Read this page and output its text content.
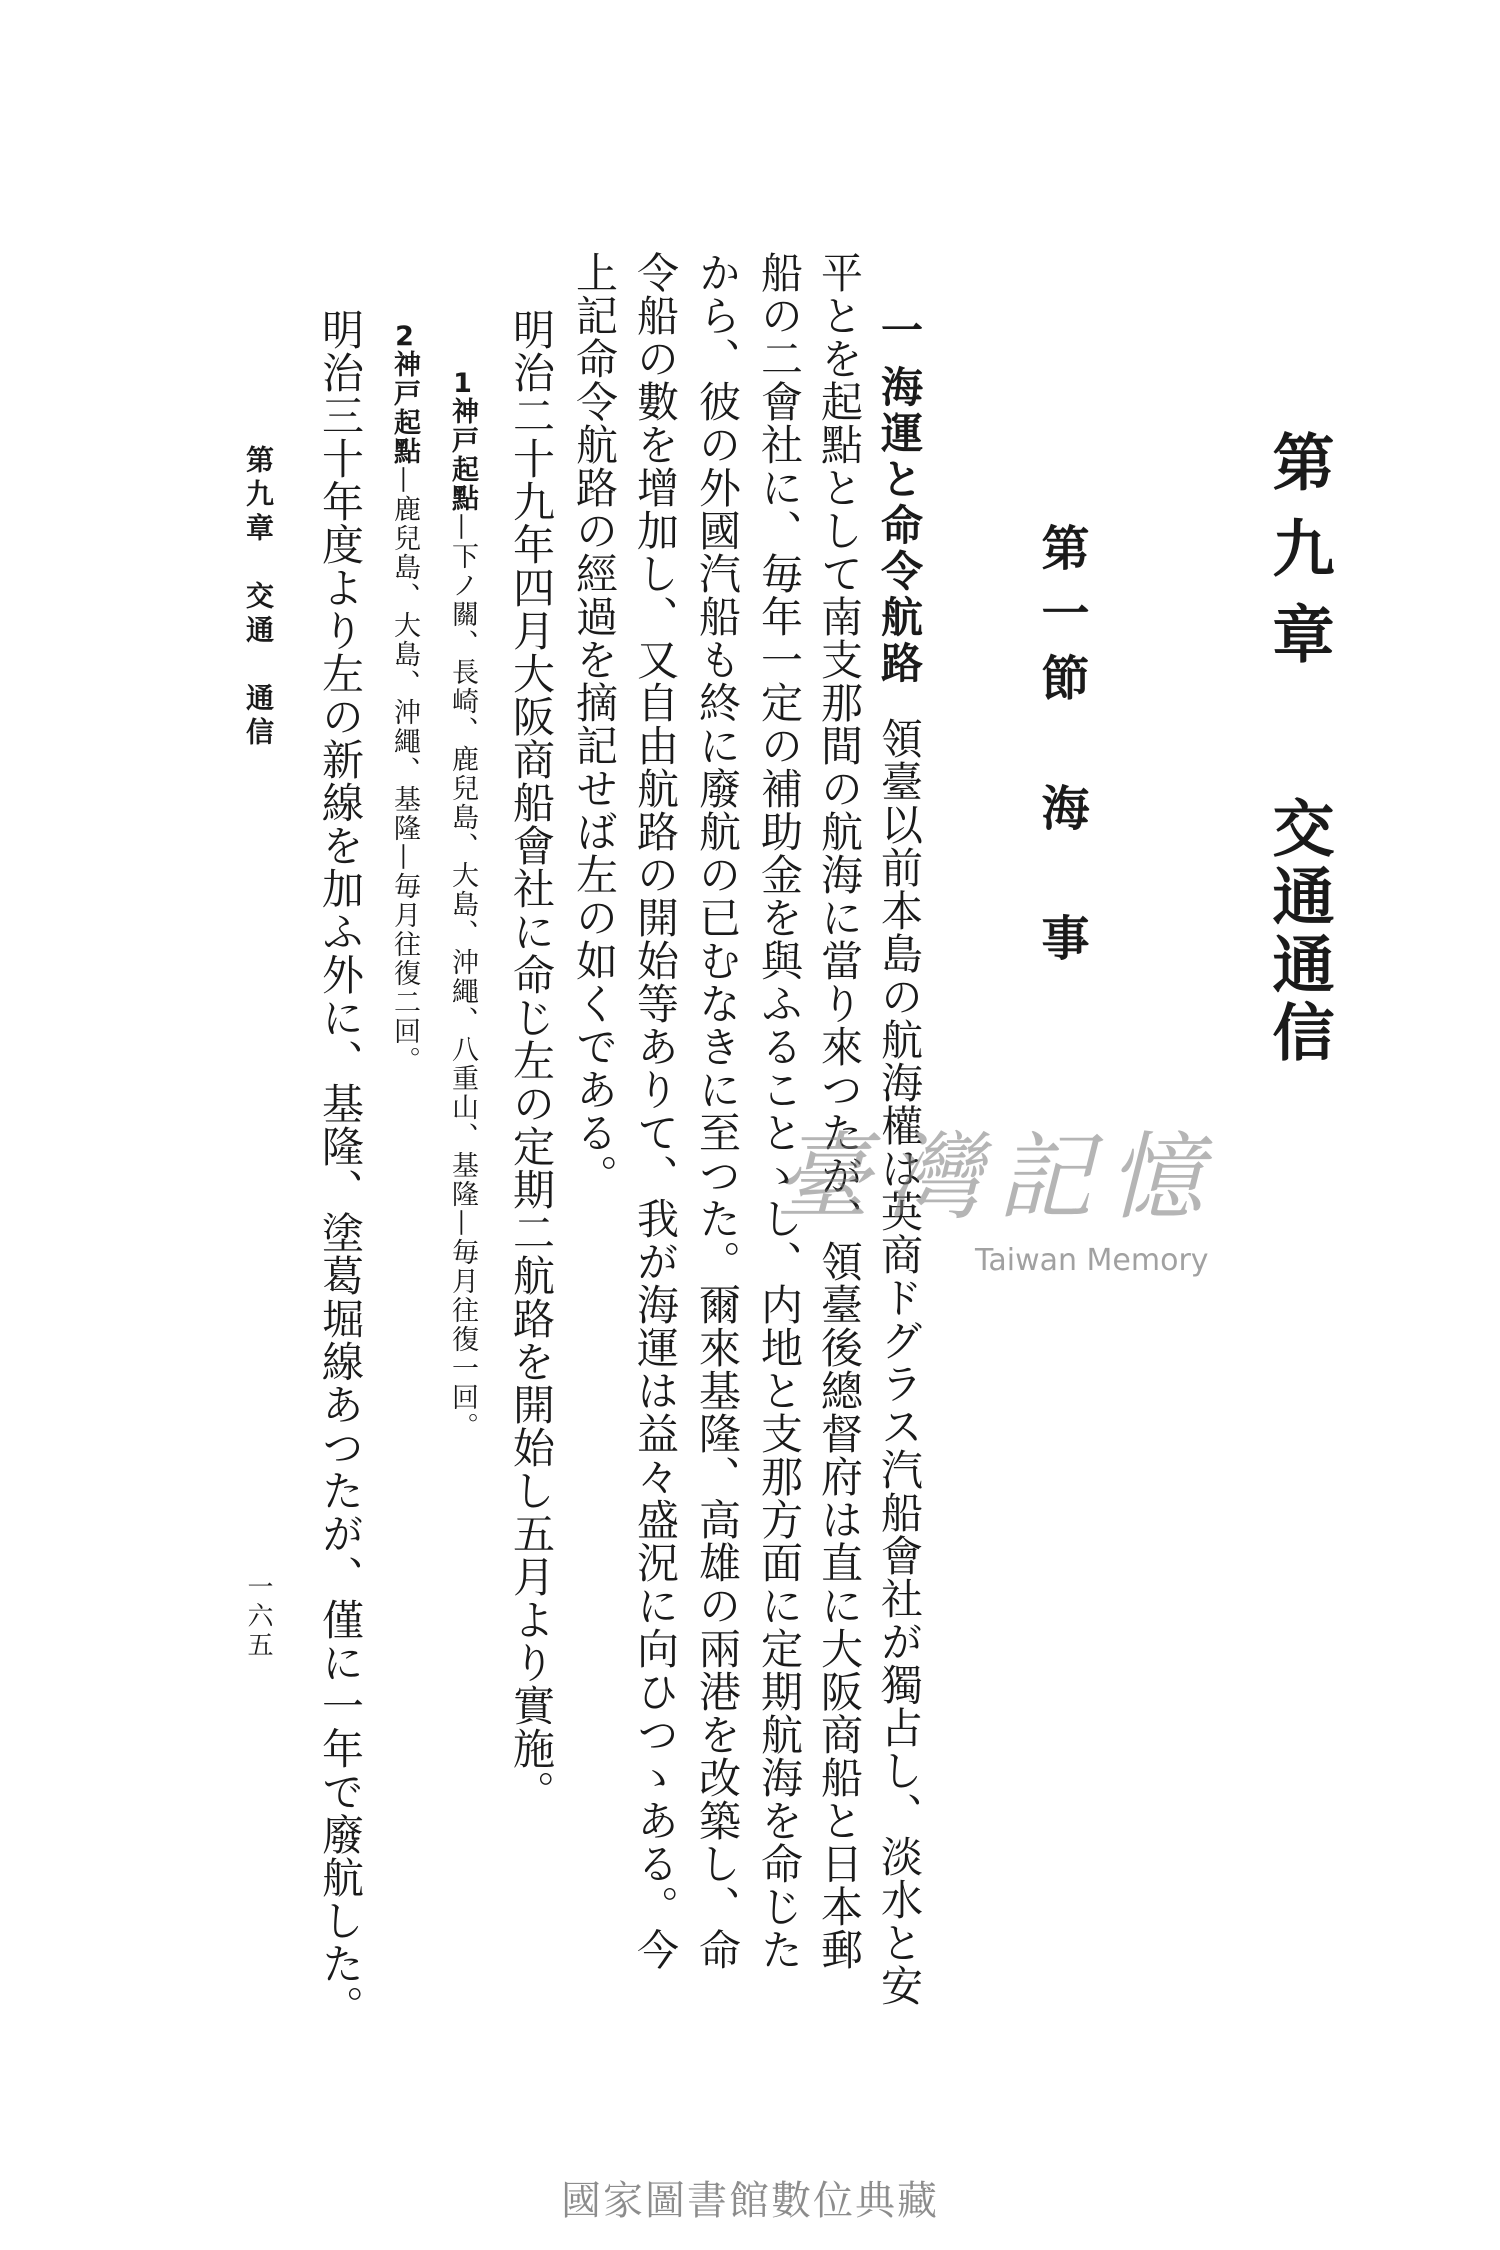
第九章交通通信
第一節　海　事
一海運と命令航路領臺以前本島の航海權は英商ドグラス汽船會社が獨占し、淡水と安
平とを起點として南支那間の航海に當り來つたが、領臺後總督府は直に大阪商船と日本郵
船の二會社に、毎年一定の補助金を與ふることゝし、内地と支那方面に定期航海を命じた
から、彼の外國汽船も終に廢航の已むなきに至つた。爾來基隆、高雄の兩港を改築し、命
令船の數を增加し、又自由航路の開始等ありて、我が海運は益々盛況に向ひつゝある。今
上記命令航路の經過を摘記せば左の如くである。
明治二十九年四月大阪商船會社に命じ左の定期二航路を開始し五月より實施。
1神戸起點—下ノ關、長崎、鹿兒島、大島、沖繩、八重山、基隆—毎月往復一回。
2神戸起點—鹿兒島、大島、沖繩、基隆—毎月往復二回。
明治三十年度より左の新線を加ふ外に、基隆、塗葛堀線あつたが、僅に一年で廢航した。
第九章　交通　通信
一六五
臺灣記憶
Taiwan Memory
國家圖書館數位典藏
